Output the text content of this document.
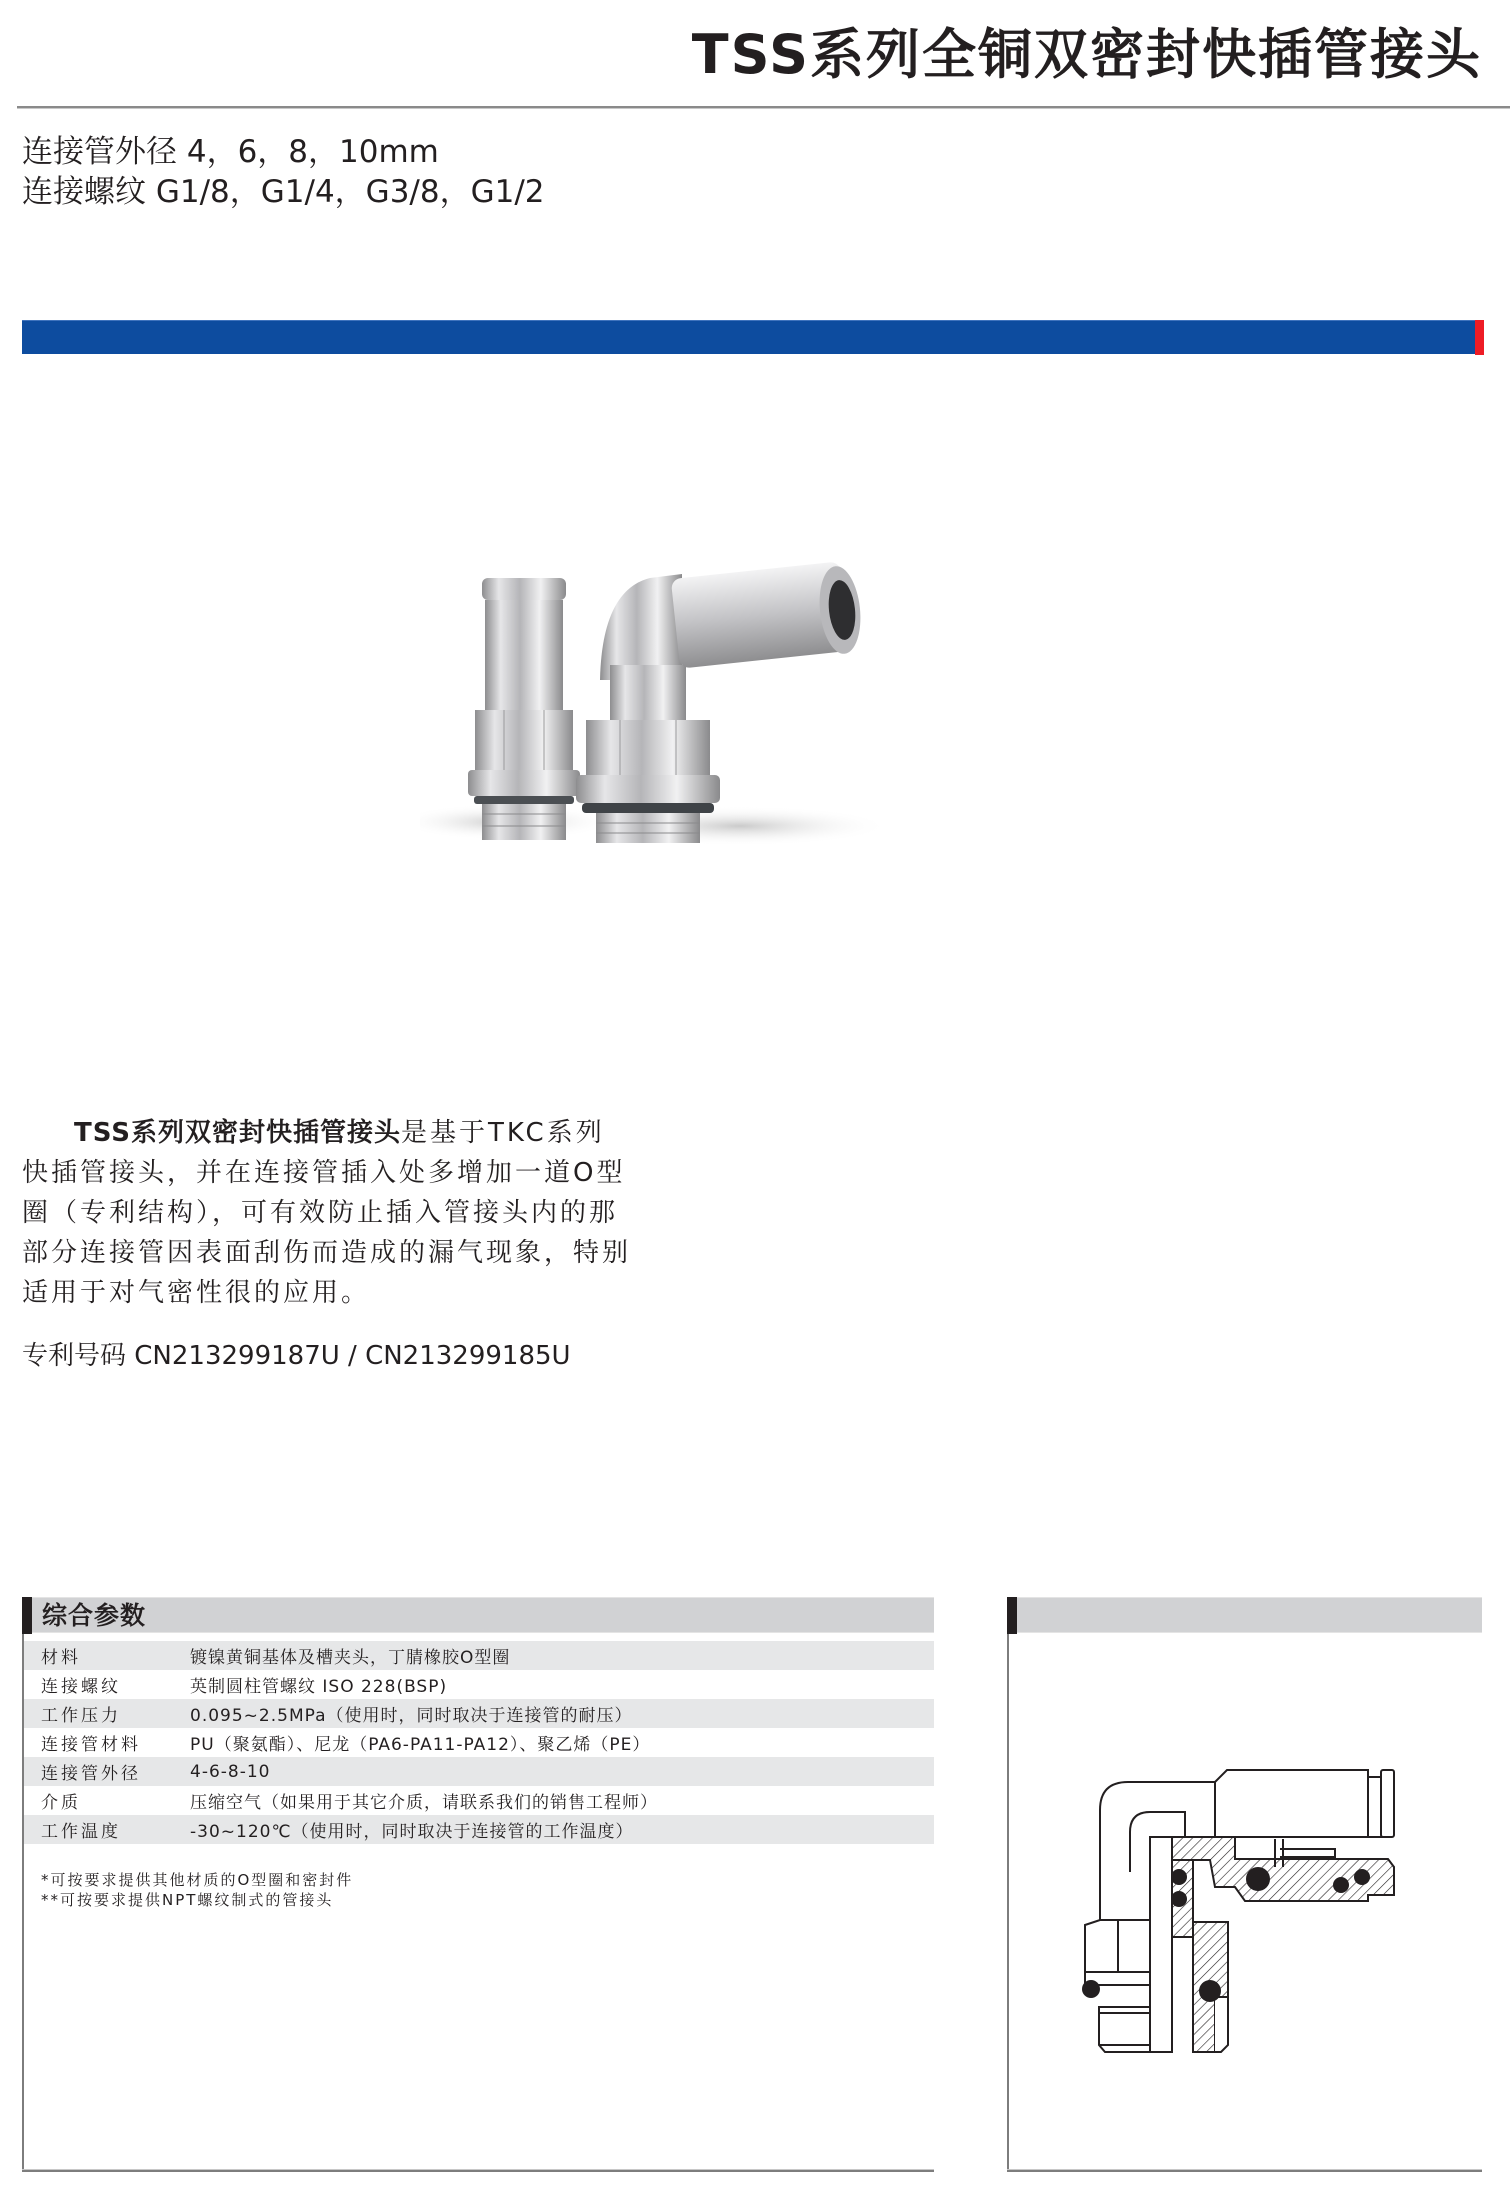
TSS系列全铜双密封快插管接头
连接管外径 4，6，8，10mm
连接螺纹 G1/8，G1/4，G3/8，G1/2
TSS系列双密封快插管接头是基于TKC系列快插管接头，并在连接管插入处多增加一道O型圈（专利结构），可有效防止插入管接头内的那部分连接管因表面刮伤而造成的漏气现象，特别适用于对气密性很的应用。
专利号码 CN213299187U / CN213299185U
综合参数
材料	镀镍黄铜基体及槽夹头，丁腈橡胶O型圈
连接螺纹	英制圆柱管螺纹 ISO 228(BSP)
工作压力	0.095~2.5MPa（使用时，同时取决于连接管的耐压）
连接管材料	PU（聚氨酯）、尼龙（PA6-PA11-PA12）、聚乙烯（PE）
连接管外径	4-6-8-10
介质	压缩空气（如果用于其它介质，请联系我们的销售工程师）
工作温度	-30~120℃（使用时，同时取决于连接管的工作温度）
*可按要求提供其他材质的O型圈和密封件
**可按要求提供NPT螺纹制式的管接头
